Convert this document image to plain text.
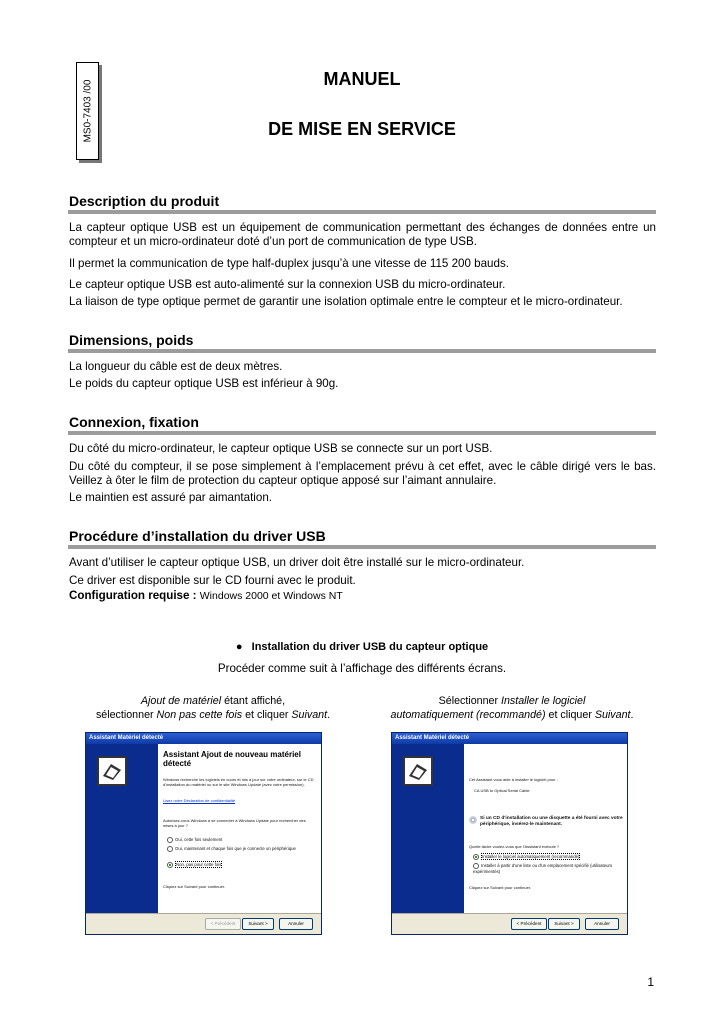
MS0-7403 /00
MANUEL
DE MISE EN SERVICE
Description du produit
La capteur optique USB est un équipement de communication permettant des échanges de données entre un compteur et un micro-ordinateur doté d’un port de communication de type USB.
Il permet la communication de type half-duplex jusqu’à une vitesse de 115 200 bauds.
Le capteur optique USB est auto-alimenté sur la connexion USB du micro-ordinateur.
La liaison de type optique permet de garantir une isolation optimale entre le compteur et le micro-ordinateur.
Dimensions, poids
La longueur du câble est de deux mètres.
Le poids du capteur optique USB est inférieur à 90g.
Connexion, fixation
Du côté du micro-ordinateur, le capteur optique USB se connecte sur un port USB.
Du côté du compteur, il se pose simplement à l’emplacement prévu à cet effet, avec le câble dirigé vers le bas. Veillez à ôter le film de protection du capteur optique apposé sur l’aimant annulaire.
Le maintien est assuré par aimantation.
Procédure d’installation du driver USB
Avant d’utiliser le capteur optique USB, un driver doit être installé sur le micro-ordinateur.
Ce driver est disponible sur le CD fourni avec le produit.
Configuration requise : Windows 2000 et Windows NT
● Installation du driver USB du capteur optique
Procéder comme suit à l’affichage des différents écrans.
Ajout de matériel étant affiché,
sélectionner Non pas cette fois et cliquer Suivant.
Sélectionner Installer le logiciel
automatiquement (recommandé) et cliquer Suivant.
Assistant Matériel détecté
Assistant Ajout de nouveau matériel détecté
Windows recherche les logiciels en cours et mis à jour sur votre ordinateur, sur le CD d'installation du matériel ou sur le site Windows Update (avec votre permission).
Lisez notre Déclaration de confidentialité
Autorisez-vous Windows à se connecter à Windows Update pour rechercher des mises à jour ?
Oui, cette fois seulement
Oui, maintenant et chaque fois que je connecte un périphérique
Non, pas pour cette fois
Cliquez sur Suivant pour continuer.
< Précédent	Suivant >	Annuler
Assistant Matériel détecté
Cet Assistant vous aide à installer le logiciel pour :
CA USB to Optical Serial Cable
Si un CD d'installation ou une disquette a été fourni avec votre périphérique, insérez-le maintenant.
Quelle tâche voulez-vous que l'Assistant exécute ?
Installer le logiciel automatiquement (recommandé)
Installer à partir d'une liste ou d'un emplacement spécifié (utilisateurs expérimentés)
Cliquez sur Suivant pour continuer.
< Précédent	Suivant >	Annuler
1
